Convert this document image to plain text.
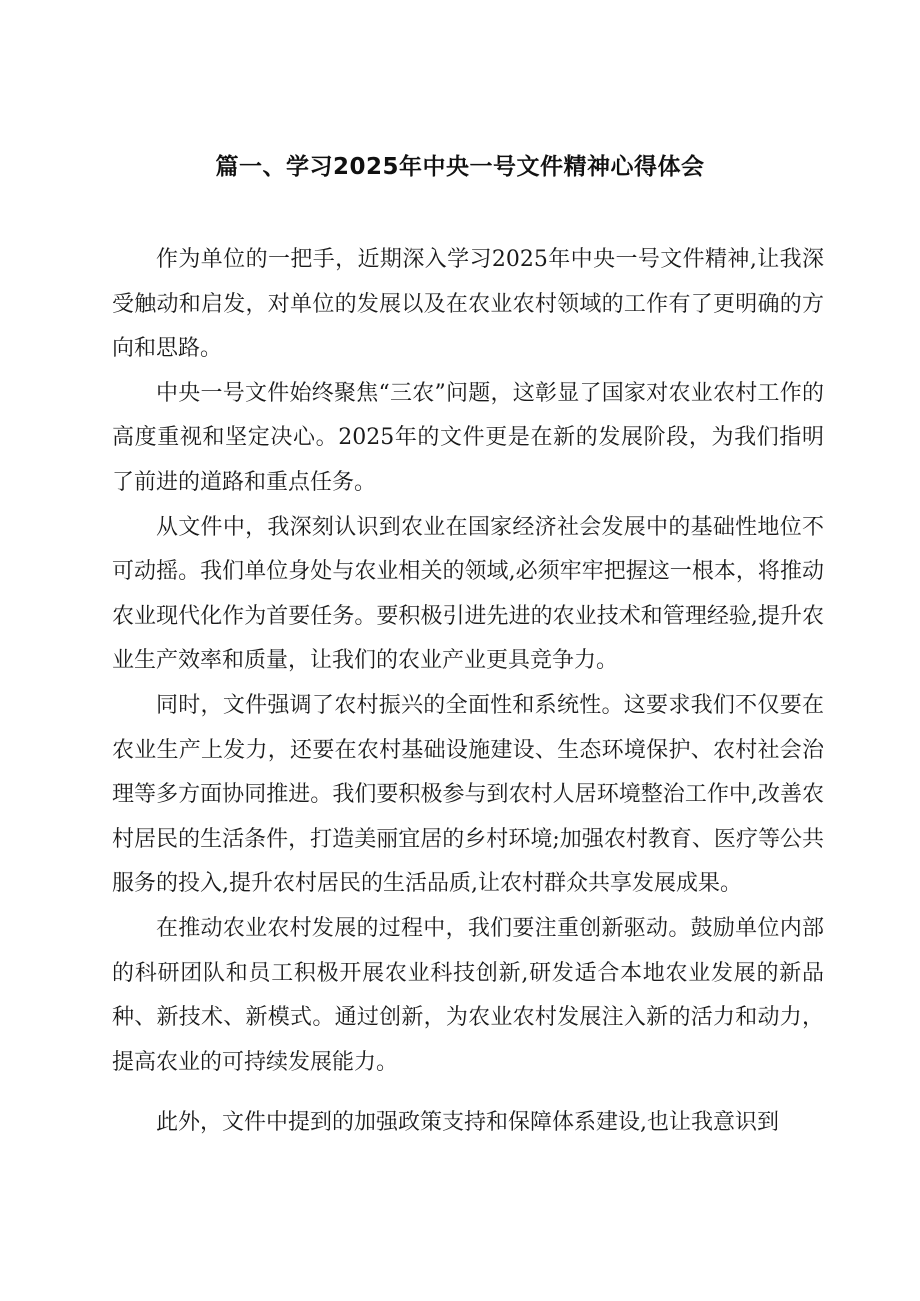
篇一、学习2025年中央一号文件精神心得体会

作为单位的一把手，近期深入学习2025年中央一号文件精神,让我深受触动和启发，对单位的发展以及在农业农村领域的工作有了更明确的方向和思路。

中央一号文件始终聚焦“三农”问题，这彰显了国家对农业农村工作的高度重视和坚定决心。2025年的文件更是在新的发展阶段，为我们指明了前进的道路和重点任务。

从文件中，我深刻认识到农业在国家经济社会发展中的基础性地位不可动摇。我们单位身处与农业相关的领域,必须牢牢把握这一根本，将推动农业现代化作为首要任务。要积极引进先进的农业技术和管理经验,提升农业生产效率和质量，让我们的农业产业更具竞争力。

同时，文件强调了农村振兴的全面性和系统性。这要求我们不仅要在农业生产上发力，还要在农村基础设施建设、生态环境保护、农村社会治理等多方面协同推进。我们要积极参与到农村人居环境整治工作中,改善农村居民的生活条件，打造美丽宜居的乡村环境;加强农村教育、医疗等公共服务的投入,提升农村居民的生活品质,让农村群众共享发展成果。

在推动农业农村发展的过程中，我们要注重创新驱动。鼓励单位内部的科研团队和员工积极开展农业科技创新,研发适合本地农业发展的新品种、新技术、新模式。通过创新，为农业农村发展注入新的活力和动力，提高农业的可持续发展能力。

此外，文件中提到的加强政策支持和保障体系建设,也让我意识到
